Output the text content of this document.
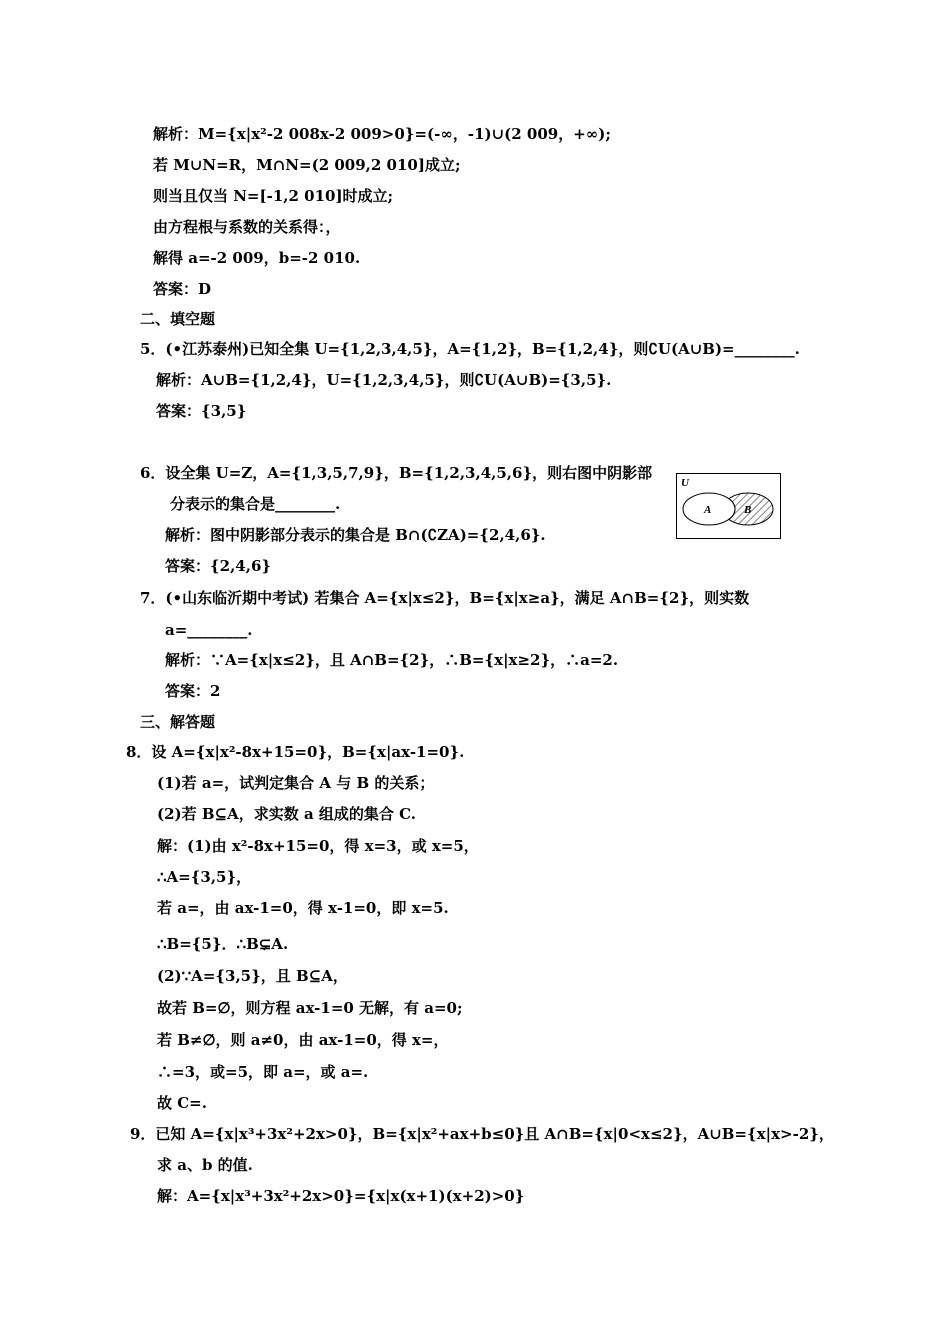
解析：M={x|x²-2 008x-2 009>0}=(-∞，-1)∪(2 009，+∞);
若 M∪N=R，M∩N=(2 009,2 010]成立;
则当且仅当 N=[-1,2 010]时成立;
由方程根与系数的关系得：，
解得 a=-2 009，b=-2 010.
答案：D
二、填空题
5．(•江苏泰州)已知全集 U={1,2,3,4,5}，A={1,2}，B={1,2,4}，则∁U(A∪B)=________.
解析：A∪B={1,2,4}，U={1,2,3,4,5}，则∁U(A∪B)={3,5}.
答案：{3,5}
6．设全集 U=Z，A={1,3,5,7,9}，B={1,2,3,4,5,6}，则右图中阴影部
分表示的集合是________.
解析：图中阴影部分表示的集合是 B∩(∁ZA)={2,4,6}.
答案：{2,4,6}
7．(•山东临沂期中考试) 若集合 A={x|x≤2}，B={x|x≥a}，满足 A∩B={2}，则实数
a=________.
解析：∵A={x|x≤2}，且 A∩B={2}，∴B={x|x≥2}，∴a=2.
答案：2
三、解答题
8．设 A={x|x²-8x+15=0}，B={x|ax-1=0}.
(1)若 a=，试判定集合 A 与 B 的关系；
(2)若 B⊆A，求实数 a 组成的集合 C.
解：(1)由 x²-8x+15=0，得 x=3，或 x=5，
∴A={3,5}，
若 a=，由 ax-1=0，得 x-1=0，即 x=5.
∴B={5}．∴B⊊A.
(2)∵A={3,5}，且 B⊆A，
故若 B=∅，则方程 ax-1=0 无解，有 a=0;
若 B≠∅，则 a≠0，由 ax-1=0，得 x=，
∴=3，或=5，即 a=，或 a=.
故 C=.
9．已知 A={x|x³+3x²+2x>0}，B={x|x²+ax+b≤0}且 A∩B={x|0<x≤2}，A∪B={x|x>-2}，
求 a、b 的值.
解：A={x|x³+3x²+2x>0}={x|x(x+1)(x+2)>0}
U
A	B
